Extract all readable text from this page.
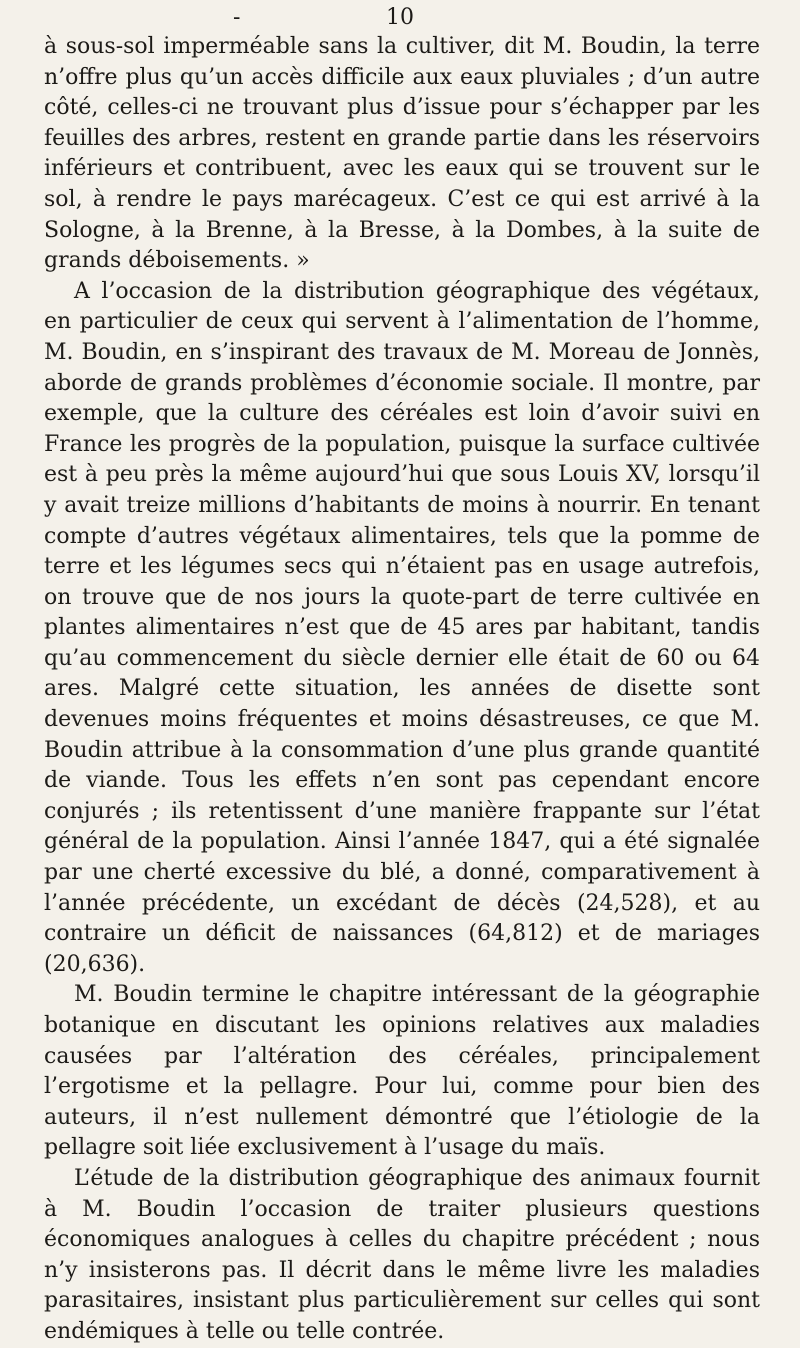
-	10

à sous-sol imperméable sans la cultiver, dit M. Boudin, la terre n’offre plus qu’un accès difficile aux eaux pluviales ; d’un autre côté, celles-ci ne trouvant plus d’issue pour s’échapper par les feuilles des arbres, restent en grande partie dans les réservoirs inférieurs et contribuent, avec les eaux qui se trouvent sur le sol, à rendre le pays marécageux. C’est ce qui est arrivé à la Sologne, à la Brenne, à la Bresse, à la Dombes, à la suite de grands déboisements. »

A l’occasion de la distribution géographique des végétaux, en particulier de ceux qui servent à l’alimentation de l’homme, M. Boudin, en s’inspirant des travaux de M. Moreau de Jonnès, aborde de grands problèmes d’économie sociale. Il montre, par exemple, que la culture des céréales est loin d’avoir suivi en France les progrès de la population, puisque la surface cultivée est à peu près la même aujourd’hui que sous Louis XV, lorsqu’il y avait treize millions d’habitants de moins à nourrir. En tenant compte d’autres végétaux alimentaires, tels que la pomme de terre et les légumes secs qui n’étaient pas en usage autrefois, on trouve que de nos jours la quote-part de terre cultivée en plantes alimentaires n’est que de 45 ares par habitant, tandis qu’au commencement du siècle dernier elle était de 60 ou 64 ares. Malgré cette situation, les années de disette sont devenues moins fréquentes et moins désastreuses, ce que M. Boudin attribue à la consommation d’une plus grande quantité de viande. Tous les effets n’en sont pas cependant encore conjurés ; ils retentissent d’une manière frappante sur l’état général de la population. Ainsi l’année 1847, qui a été signalée par une cherté excessive du blé, a donné, comparativement à l’année précédente, un excédant de décès (24,528), et au contraire un déficit de naissances (64,812) et de mariages (20,636).

M. Boudin termine le chapitre intéressant de la géographie botanique en discutant les opinions relatives aux maladies causées par l’altération des céréales, principalement l’ergotisme et la pellagre. Pour lui, comme pour bien des auteurs, il n’est nullement démontré que l’étiologie de la pellagre soit liée exclusivement à l’usage du maïs.

L’étude de la distribution géographique des animaux fournit à M. Boudin l’occasion de traiter plusieurs questions économiques analogues à celles du chapitre précédent ; nous n’y insisterons pas. Il décrit dans le même livre les maladies parasitaires, insistant plus particulièrement sur celles qui sont endémiques à telle ou telle contrée.
